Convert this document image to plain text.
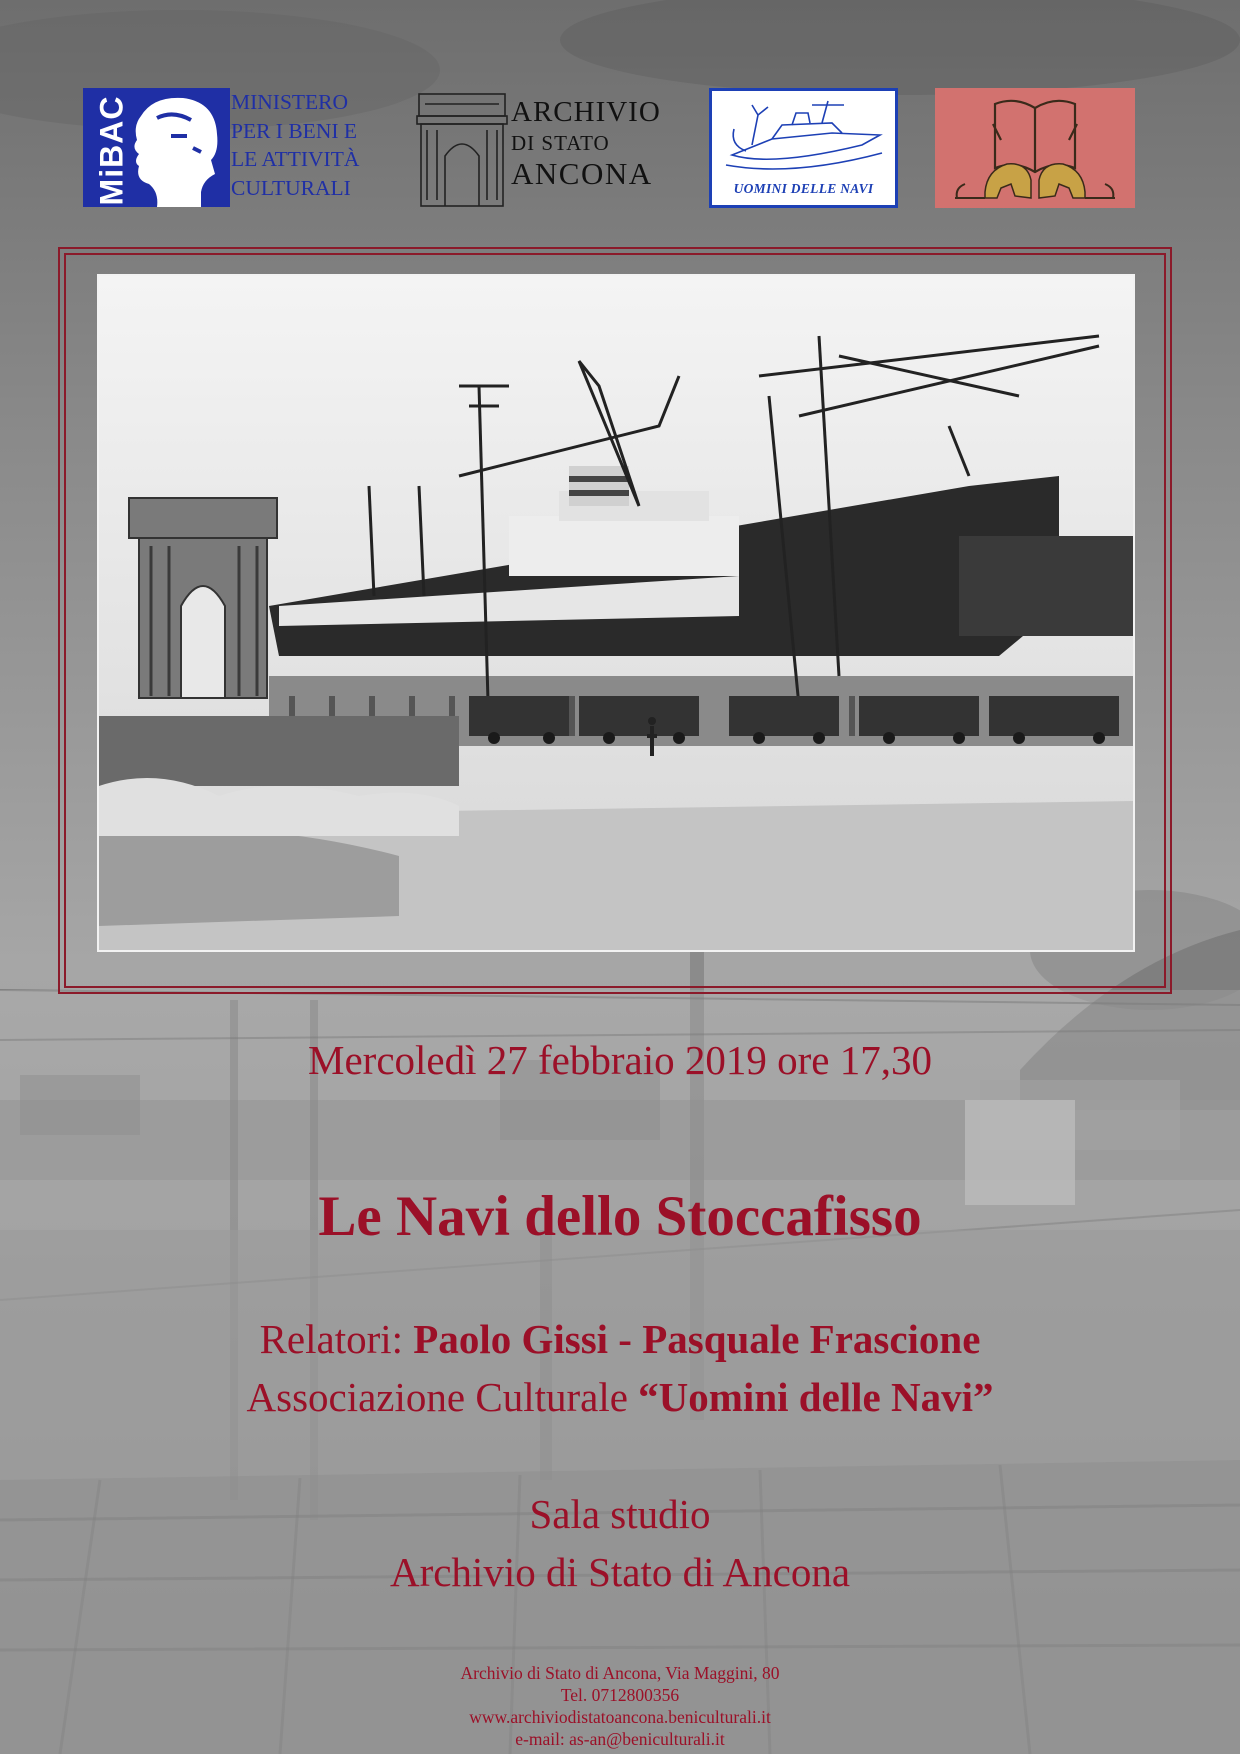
MiBAC	MINISTERO
PER I BENI E
LE ATTIVITÀ
CULTURALI
ARCHIVIO
DI STATO
ANCONA	UOMINI DELLE NAVI
Mercoledì 27 febbraio 2019 ore 17,30
Le Navi dello Stoccafisso
Relatori: Paolo Gissi - Pasquale Frascione
Associazione Culturale “Uomini delle Navi”
Sala studio
Archivio di Stato di Ancona
Archivio di Stato di Ancona, Via Maggini, 80
Tel. 0712800356
www.archiviodistatoancona.beniculturali.it
e-mail: as-an@beniculturali.it
